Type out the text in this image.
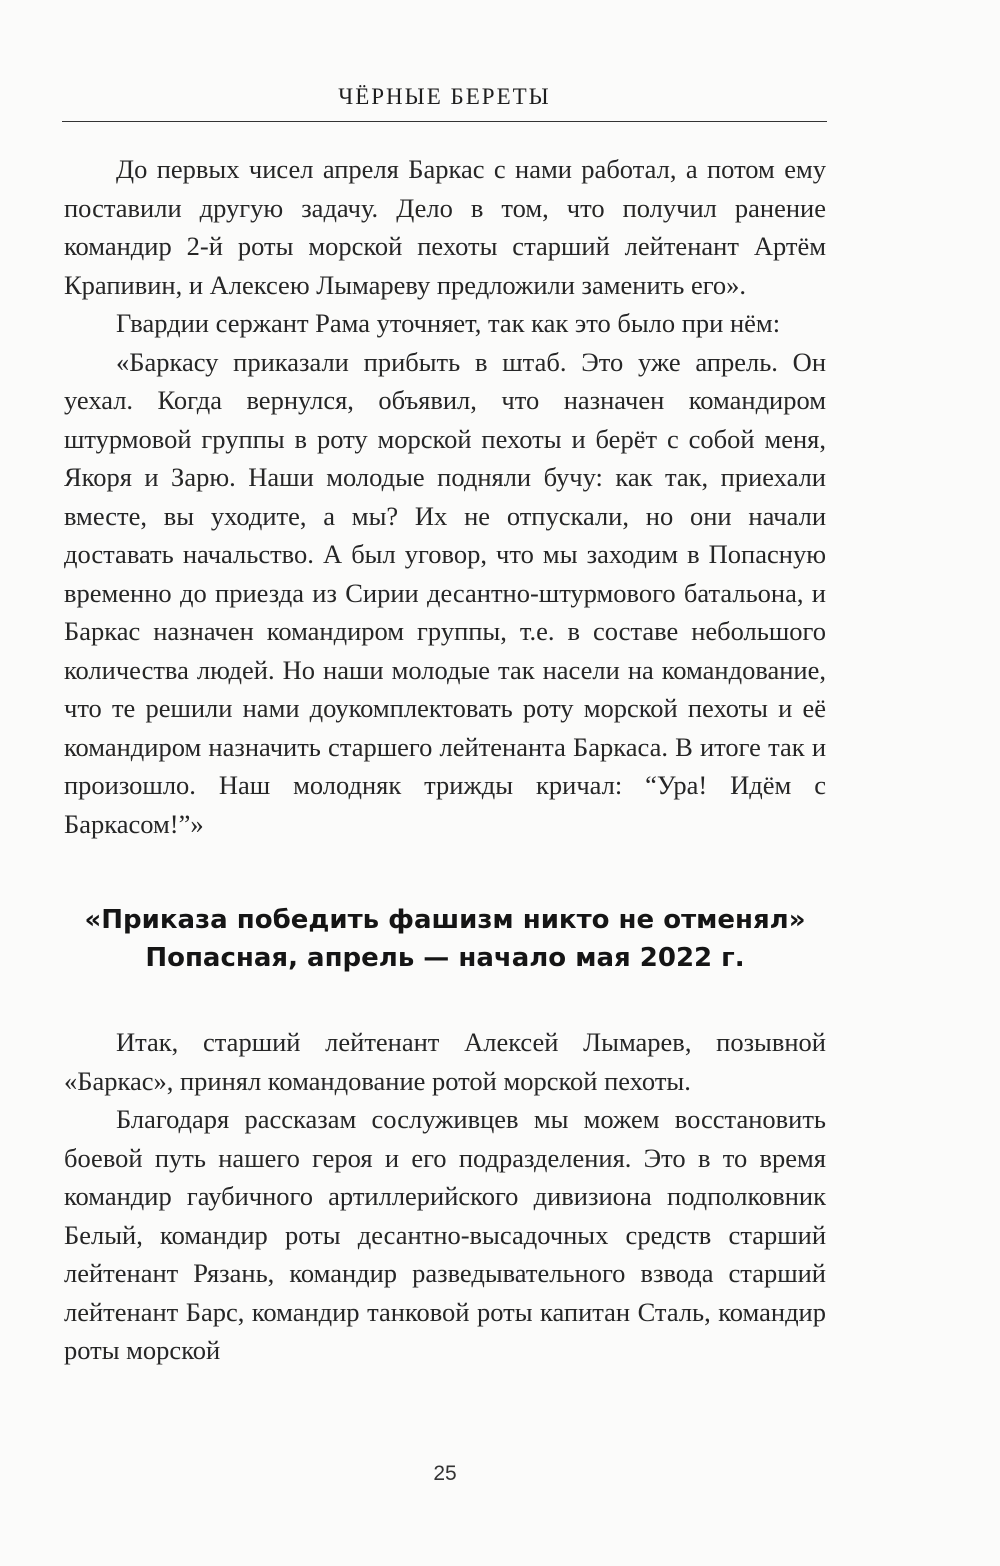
ЧЁРНЫЕ БЕРЕТЫ

До первых чисел апреля Баркас с нами работал, а потом ему поставили другую задачу. Дело в том, что получил ранение командир 2-й роты морской пехоты старший лейтенант Артём Крапивин, и Алексею Лымареву предложили заменить его».

Гвардии сержант Рама уточняет, так как это было при нём:

«Баркасу приказали прибыть в штаб. Это уже апрель. Он уехал. Когда вернулся, объявил, что назначен командиром штурмовой группы в роту морской пехоты и берёт с собой меня, Якоря и Зарю. Наши молодые подняли бучу: как так, приехали вместе, вы уходите, а мы? Их не отпускали, но они начали доставать начальство. А был уговор, что мы заходим в Попасную временно до приезда из Сирии десантно-штурмового батальона, и Баркас назначен командиром группы, т.е. в составе небольшого количества людей. Но наши молодые так насели на командование, что те решили нами доукомплектовать роту морской пехоты и её командиром назначить старшего лейтенанта Баркаса. В итоге так и произошло. Наш молодняк трижды кричал: “Ура! Идём с Баркасом!”»

«Приказа победить фашизм никто не отменял»
Попасная, апрель — начало мая 2022 г.

Итак, старший лейтенант Алексей Лымарев, позывной «Баркас», принял командование ротой морской пехоты.

Благодаря рассказам сослуживцев мы можем восстановить боевой путь нашего героя и его подразделения. Это в то время командир гаубичного артиллерийского дивизиона подполковник Белый, командир роты десантно-высадочных средств старший лейтенант Рязань, командир разведывательного взвода старший лейтенант Барс, командир танковой роты капитан Сталь, командир роты морской

25
